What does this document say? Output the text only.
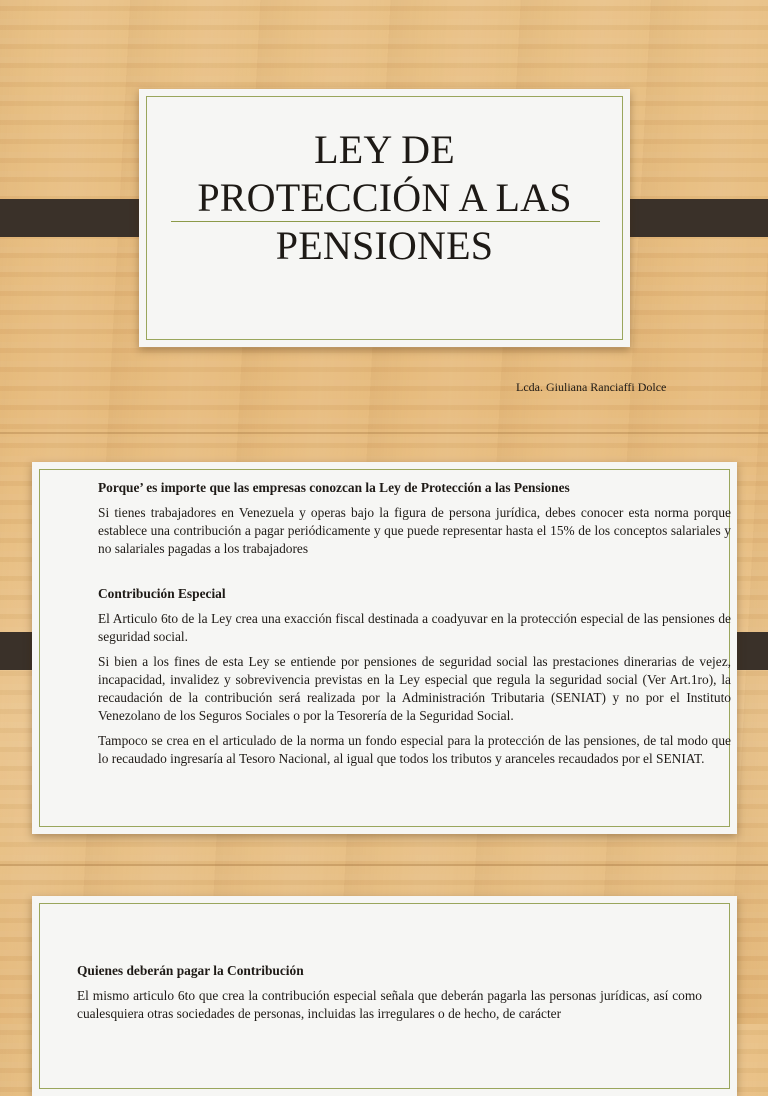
LEY DE
PROTECCIÓN A LAS
PENSIONES
Lcda. Giuliana Ranciaffi Dolce

Porque’ es importe que las empresas conozcan la Ley de Protección a las Pensiones

Si tienes trabajadores en Venezuela y operas bajo la figura de persona jurídica, debes conocer esta norma porque establece una contribución a pagar periódicamente y que puede representar hasta el 15% de los conceptos salariales y no salariales pagadas a los trabajadores

Contribución Especial

El Articulo 6to de la Ley crea una exacción fiscal destinada a coadyuvar en la protección especial de las pensiones de seguridad social.

Si bien a los fines de esta Ley se entiende por pensiones de seguridad social las prestaciones dinerarias de vejez, incapacidad, invalidez y sobrevivencia previstas en la Ley especial que regula la seguridad social (Ver Art.1ro), la recaudación de la contribución será realizada por la Administración Tributaria (SENIAT) y no por el Instituto Venezolano de los Seguros Sociales o por la Tesorería de la Seguridad Social.

Tampoco se crea en el articulado de la norma un fondo especial para la protección de las pensiones, de tal modo que lo recaudado ingresaría al Tesoro Nacional, al igual que todos los tributos y aranceles recaudados por el SENIAT.

Quienes deberán pagar la Contribución

El mismo articulo 6to que crea la contribución especial señala que deberán pagarla las personas jurídicas, así como cualesquiera otras sociedades de personas, incluidas las irregulares o de hecho, de carácter
